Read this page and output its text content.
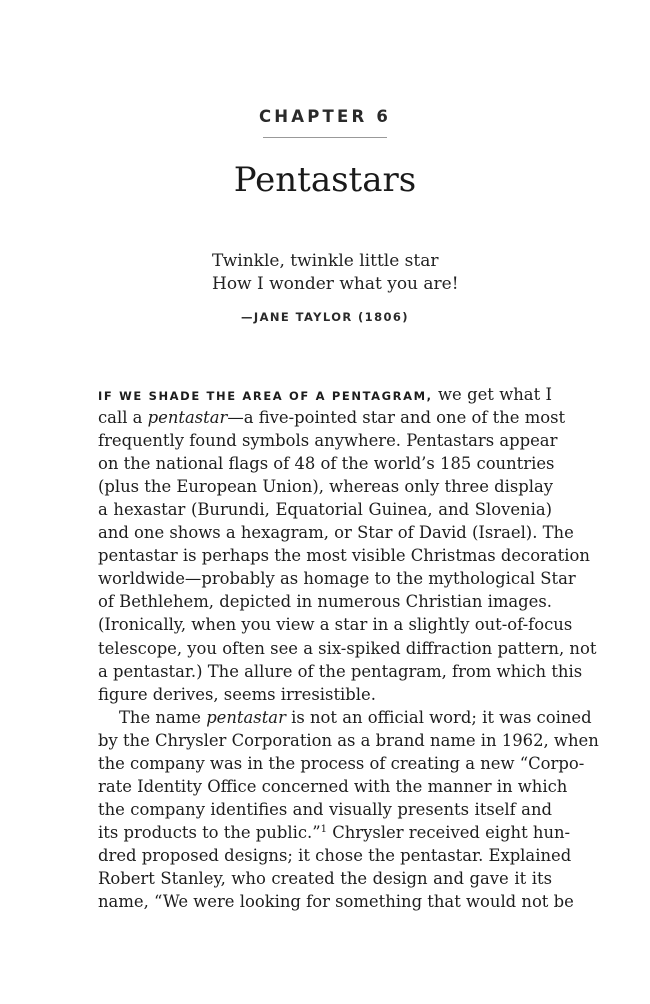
CHAPTER 6
Pentastars
Twinkle, twinkle little star
How I wonder what you are!
—JANE TAYLOR (1806)
IF WE SHADE THE AREA OF A PENTAGRAM, we get what I
call a pentastar—a five-pointed star and one of the most
frequently found symbols anywhere. Pentastars appear
on the national flags of 48 of the world’s 185 countries
(plus the European Union), whereas only three display
a hexastar (Burundi, Equatorial Guinea, and Slovenia)
and one shows a hexagram, or Star of David (Israel). The
pentastar is perhaps the most visible Christmas decoration
worldwide—probably as homage to the mythological Star
of Bethlehem, depicted in numerous Christian images.
(Ironically, when you view a star in a slightly out-of-focus
telescope, you often see a six-spiked diffraction pattern, not
a pentastar.) The allure of the pentagram, from which this
figure derives, seems irresistible.
The name pentastar is not an official word; it was coined
by the Chrysler Corporation as a brand name in 1962, when
the company was in the process of creating a new “Corpo-
rate Identity Office concerned with the manner in which
the company identifies and visually presents itself and
its products to the public.”$^1$ Chrysler received eight hun-
dred proposed designs; it chose the pentastar. Explained
Robert Stanley, who created the design and gave it its
name, “We were looking for something that would not be
